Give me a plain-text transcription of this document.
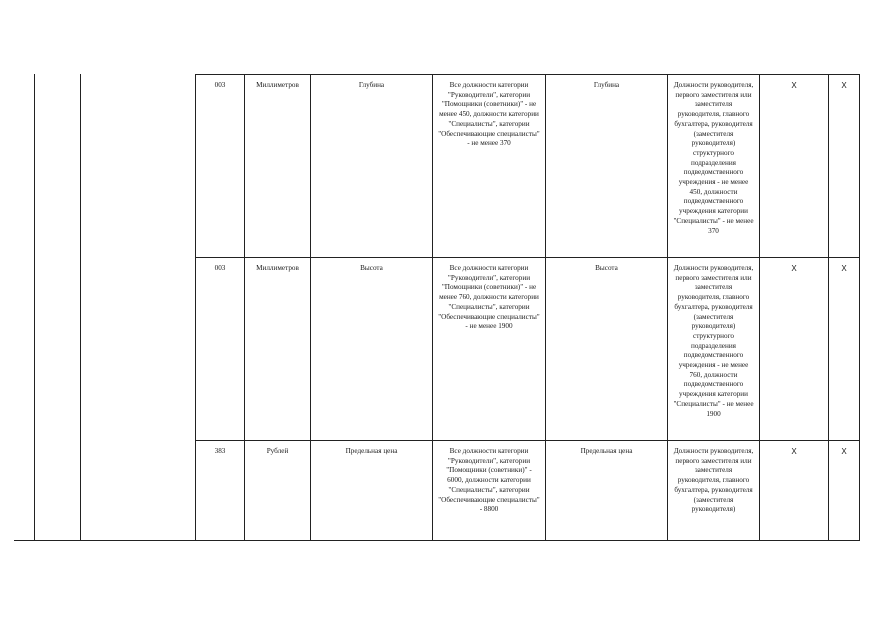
003	Миллиметров	Глубина	Все должности категории "Руководители", категории "Помощники (советники)" - не менее 450, должности категории "Специалисты", категории "Обеспечивающие специалисты" - не менее 370	Глубина	Должности руководителя, первого заместителя или заместителя руководителя, главного бухгалтера, руководителя (заместителя руководителя) структурного подразделения подведомственного учреждения - не менее 450, должности подведомственного учреждения категории "Специалисты" - не менее 370	X	X
003	Миллиметров	Высота	Все должности категории "Руководители", категории "Помощники (советники)" - не менее 760, должности категории "Специалисты", категории "Обеспечивающие специалисты" - не менее 1900	Высота	Должности руководителя, первого заместителя или заместителя руководителя, главного бухгалтера, руководителя (заместителя руководителя) структурного подразделения подведомственного учреждения - не менее 760, должности подведомственного учреждения категории "Специалисты" - не менее 1900	X	X
383	Рублей	Предельная цена	Все должности категории "Руководители", категории "Помощники (советники)" - 6000, должности категории "Специалисты", категории "Обеспечивающие специалисты" - 8800	Предельная цена	Должности руководителя, первого заместителя или заместителя руководителя, главного бухгалтера, руководителя (заместителя руководителя)	X	X
